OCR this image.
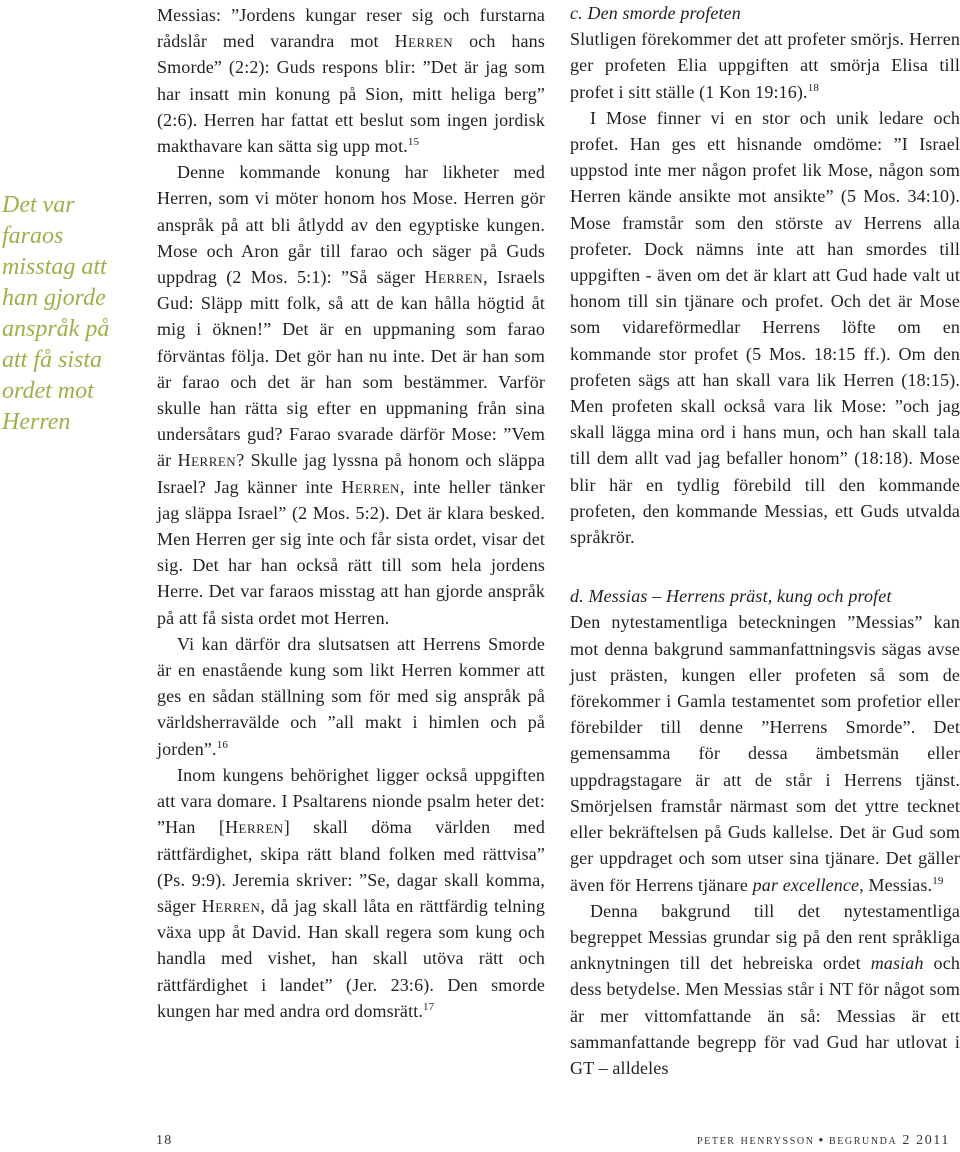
Det var faraos misstag att han gjorde anspråk på att få sista ordet mot Herren

Messias: ”Jordens kungar reser sig och furstarna rådslår med varandra mot Herren och hans Smorde” (2:2): Guds respons blir: ”Det är jag som har insatt min konung på Sion, mitt heliga berg” (2:6). Herren har fattat ett beslut som ingen jordisk makthavare kan sätta sig upp mot.$^{15}$

Denne kommande konung har likheter med Herren, som vi möter honom hos Mose. Herren gör anspråk på att bli åtlydd av den egyptiske kungen. Mose och Aron går till farao och säger på Guds uppdrag (2 Mos. 5:1): ”Så säger Herren, Israels Gud: Släpp mitt folk, så att de kan hålla högtid åt mig i öknen!” Det är en uppmaning som farao förväntas följa. Det gör han nu inte. Det är han som är farao och det är han som bestämmer. Varför skulle han rätta sig efter en uppmaning från sina undersåtars gud? Farao svarade därför Mose: ”Vem är Herren? Skulle jag lyssna på honom och släppa Israel? Jag känner inte Herren, inte heller tänker jag släppa Israel” (2 Mos. 5:2). Det är klara besked. Men Herren ger sig inte och får sista ordet, visar det sig. Det har han också rätt till som hela jordens Herre. Det var faraos misstag att han gjorde anspråk på att få sista ordet mot Herren.

Vi kan därför dra slutsatsen att Herrens Smorde är en enastående kung som likt Herren kommer att ges en sådan ställning som för med sig anspråk på världsherravälde och ”all makt i himlen och på jorden”.$^{16}$

Inom kungens behörighet ligger också uppgiften att vara domare. I Psaltarens nionde psalm heter det: ”Han [Herren] skall döma världen med rättfärdighet, skipa rätt bland folken med rättvisa” (Ps. 9:9). Jeremia skriver: ”Se, dagar skall komma, säger Herren, då jag skall låta en rättfärdig telning växa upp åt David. Han skall regera som kung och handla med vishet, han skall utöva rätt och rättfärdighet i landet” (Jer. 23:6). Den smorde kungen har med andra ord domsrätt.$^{17}$

c. Den smorde profeten

Slutligen förekommer det att profeter smörjs. Herren ger profeten Elia uppgiften att smörja Elisa till profet i sitt ställe (1 Kon 19:16).$^{18}$

I Mose finner vi en stor och unik ledare och profet. Han ges ett hisnande omdöme: ”I Israel uppstod inte mer någon profet lik Mose, någon som Herren kände ansikte mot ansikte” (5 Mos. 34:10). Mose framstår som den störste av Herrens alla profeter. Dock nämns inte att han smordes till uppgiften - även om det är klart att Gud hade valt ut honom till sin tjänare och profet. Och det är Mose som vidareförmedlar Herrens löfte om en kommande stor profet (5 Mos. 18:15 ff.). Om den profeten sägs att han skall vara lik Herren (18:15). Men profeten skall också vara lik Mose: ”och jag skall lägga mina ord i hans mun, och han skall tala till dem allt vad jag befaller honom” (18:18). Mose blir här en tydlig förebild till den kommande profeten, den kommande Messias, ett Guds utvalda språkrör.

d. Messias – Herrens präst, kung och profet

Den nytestamentliga beteckningen ”Messias” kan mot denna bakgrund sammanfattningsvis sägas avse just prästen, kungen eller profeten så som de förekommer i Gamla testamentet som profetior eller förebilder till denne ”Herrens Smorde”. Det gemensamma för dessa ämbetsmän eller uppdragstagare är att de står i Herrens tjänst. Smörjelsen framstår närmast som det yttre tecknet eller bekräftelsen på Guds kallelse. Det är Gud som ger uppdraget och som utser sina tjänare. Det gäller även för Herrens tjänare par excellence, Messias.$^{19}$

Denna bakgrund till det nytestamentliga begreppet Messias grundar sig på den rent språkliga anknytningen till det hebreiska ordet masiah och dess betydelse. Men Messias står i NT för något som är mer vittomfattande än så: Messias är ett sammanfattande begrepp för vad Gud har utlovat i GT – alldeles

18	peter henrysson ● begrunda 2 2011
